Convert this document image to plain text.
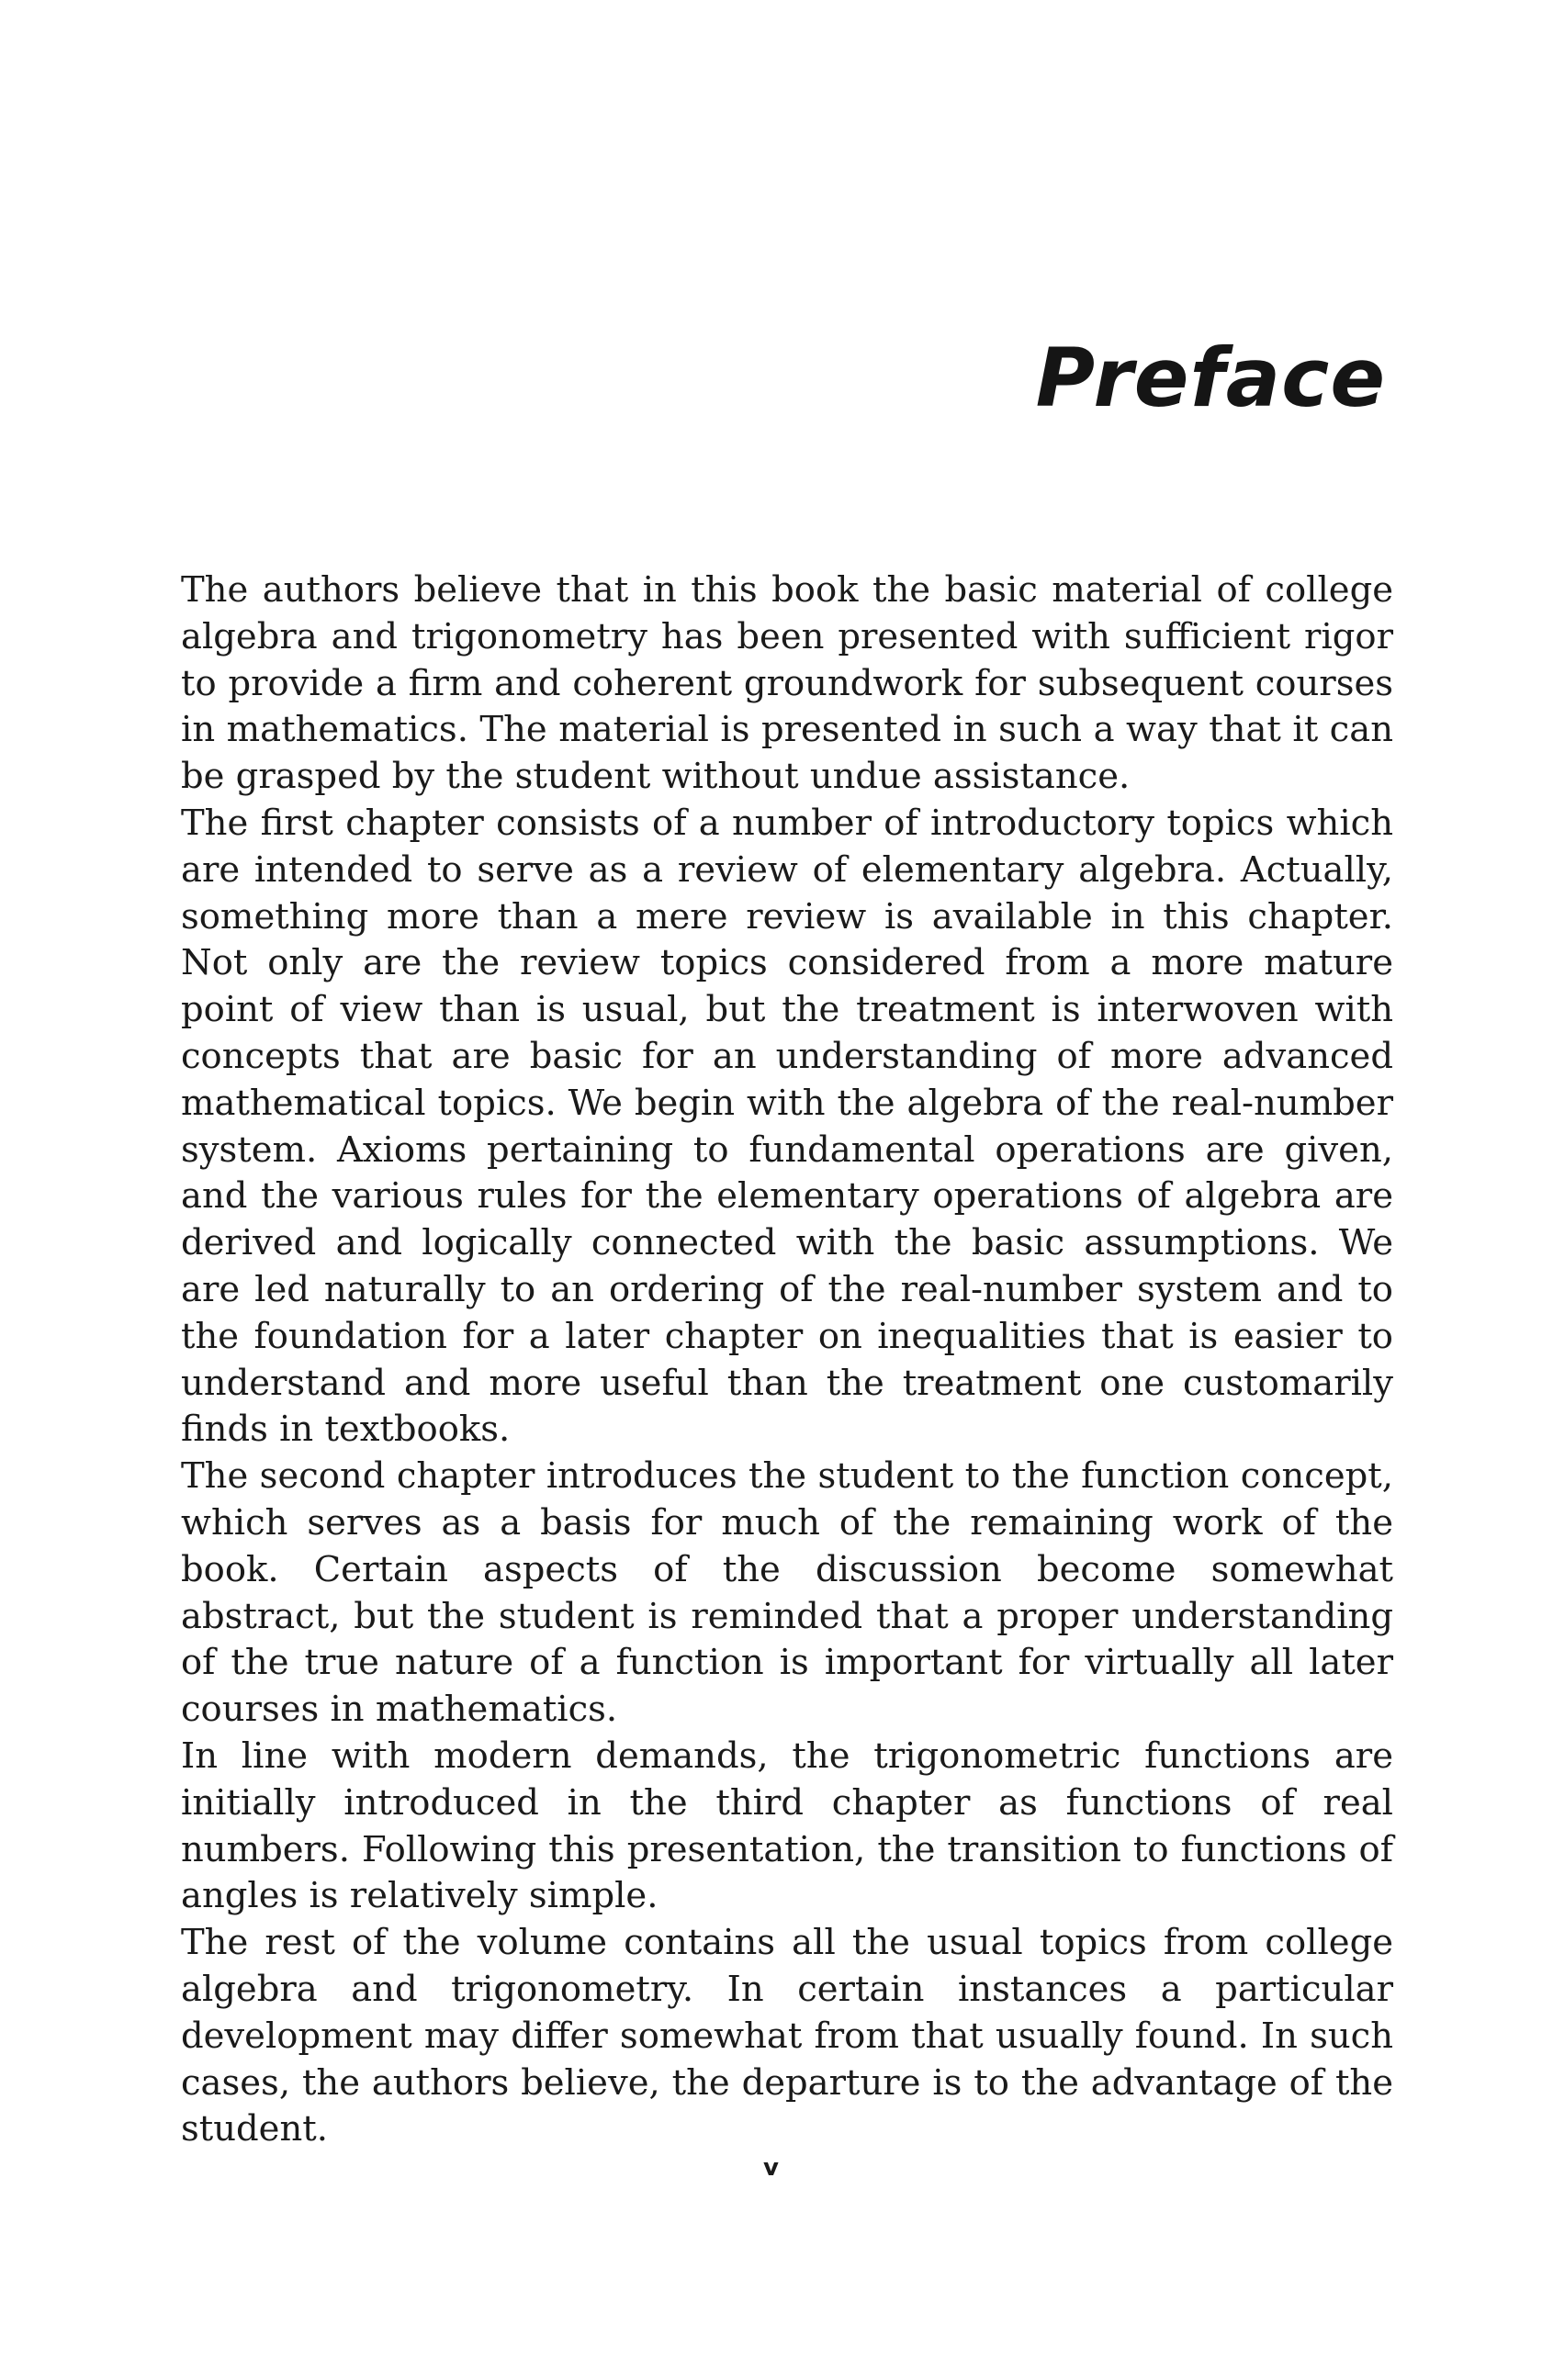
Preface

The authors believe that in this book the basic material of college algebra and trigonometry has been presented with sufficient rigor to provide a firm and coherent groundwork for subsequent courses in mathematics. The material is presented in such a way that it can be grasped by the student without undue assistance.

The first chapter consists of a number of introductory topics which are intended to serve as a review of elementary algebra. Actually, something more than a mere review is available in this chapter. Not only are the review topics considered from a more mature point of view than is usual, but the treatment is interwoven with concepts that are basic for an understanding of more advanced mathematical topics. We begin with the algebra of the real-number system. Axioms pertaining to fundamental operations are given, and the various rules for the elementary operations of algebra are derived and logically connected with the basic assumptions. We are led naturally to an ordering of the real-number system and to the foundation for a later chapter on inequalities that is easier to understand and more useful than the treatment one customarily finds in textbooks.

The second chapter introduces the student to the function concept, which serves as a basis for much of the remaining work of the book. Certain aspects of the discussion become somewhat abstract, but the student is reminded that a proper understanding of the true nature of a function is important for virtually all later courses in mathematics.

In line with modern demands, the trigonometric functions are initially introduced in the third chapter as functions of real numbers. Following this presentation, the transition to functions of angles is relatively simple.

The rest of the volume contains all the usual topics from college algebra and trigonometry. In certain instances a particular development may differ somewhat from that usually found. In such cases, the authors believe, the departure is to the advantage of the student.

v
